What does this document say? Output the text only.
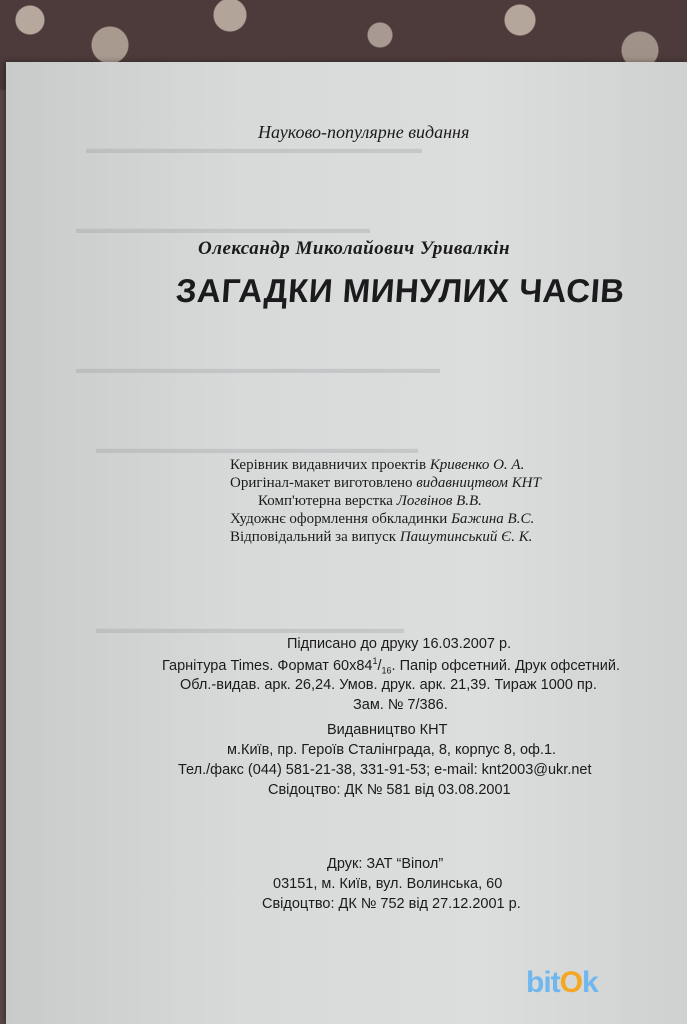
▬▬▬▬▬▬▬▬▬▬▬▬▬▬▬▬▬▬▬▬▬▬▬▬
▬▬▬▬▬▬▬▬▬▬▬▬▬▬▬▬▬▬▬▬▬
▬▬▬▬▬▬▬▬▬▬▬▬▬▬▬▬▬▬▬▬▬▬▬▬▬▬
▬▬▬▬▬▬▬▬▬▬▬▬▬▬▬▬▬▬▬▬▬▬▬
▬▬▬▬▬▬▬▬▬▬▬▬▬▬▬▬▬▬▬▬▬▬
Науково-популярне видання
Олександр Миколайович Уривалкін
ЗАГАДКИ МИНУЛИХ ЧАСІВ
Керівник видавничих проектів Кривенко О. А.
Оригінал-макет виготовлено видавництвом КНТ
Комп'ютерна верстка Логвінов В.В.
Художнє оформлення обкладинки Бажина В.С.
Відповідальний за випуск Пашутинський Є. К.
Підписано до друку 16.03.2007 р.
Гарнітура Times. Формат $60х84^1/_{16}$. Папір офсетний. Друк офсетний.
Обл.-видав. арк. 26,24. Умов. друк. арк. 21,39. Тираж 1000 пр.
Зам. № 7/386.
Видавництво КНТ
м.Київ, пр. Героїв Сталінграда, 8, корпус 8, оф.1.
Тел./факс (044) 581-21-38, 331-91-53; e-mail: knt2003@ukr.net
Свідоцтво: ДК № 581 від 03.08.2001
Друк: ЗАТ “Віпол”
03151, м. Київ, вул. Волинська, 60
Свідоцтво: ДК № 752 від 27.12.2001 р.
bitOk
